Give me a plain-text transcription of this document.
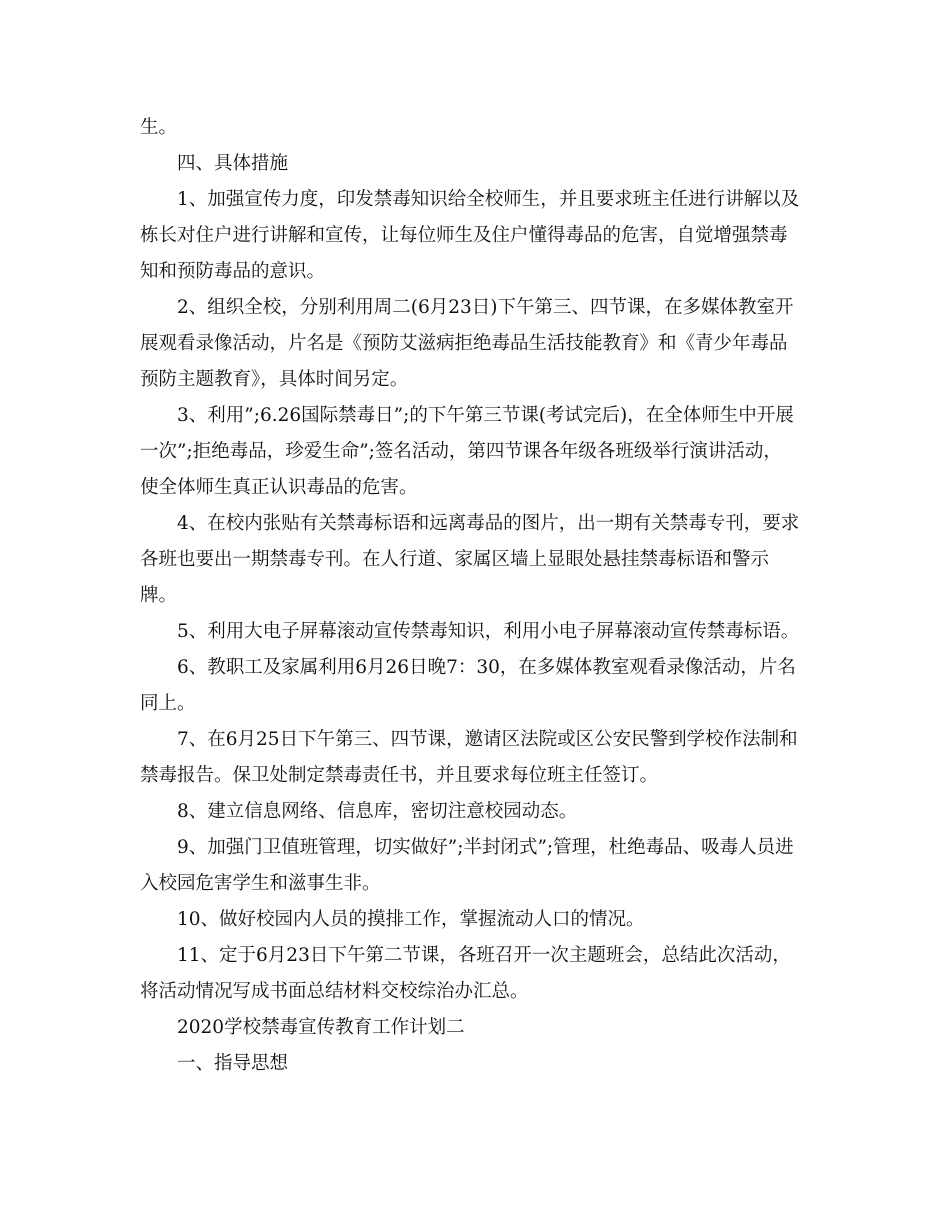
生。
四、具体措施
1、加强宣传力度，印发禁毒知识给全校师生，并且要求班主任进行讲解以及
栋长对住户进行讲解和宣传，让每位师生及住户懂得毒品的危害，自觉增强禁毒
知和预防毒品的意识。
2、组织全校，分别利用周二(6月23日)下午第三、四节课，在多媒体教室开
展观看录像活动，片名是《预防艾滋病拒绝毒品生活技能教育》和《青少年毒品
预防主题教育》，具体时间另定。
3、利用”;6.26国际禁毒日”;的下午第三节课(考试完后)，在全体师生中开展
一次”;拒绝毒品，珍爱生命”;签名活动，第四节课各年级各班级举行演讲活动，
使全体师生真正认识毒品的危害。
4、在校内张贴有关禁毒标语和远离毒品的图片，出一期有关禁毒专刊，要求
各班也要出一期禁毒专刊。在人行道、家属区墙上显眼处悬挂禁毒标语和警示
牌。
5、利用大电子屏幕滚动宣传禁毒知识，利用小电子屏幕滚动宣传禁毒标语。
6、教职工及家属利用6月26日晚7：30，在多媒体教室观看录像活动，片名
同上。
7、在6月25日下午第三、四节课，邀请区法院或区公安民警到学校作法制和
禁毒报告。保卫处制定禁毒责任书，并且要求每位班主任签订。
8、建立信息网络、信息库，密切注意校园动态。
9、加强门卫值班管理，切实做好”;半封闭式”;管理，杜绝毒品、吸毒人员进
入校园危害学生和滋事生非。
10、做好校园内人员的摸排工作，掌握流动人口的情况。
11、定于6月23日下午第二节课，各班召开一次主题班会，总结此次活动，
将活动情况写成书面总结材料交校综治办汇总。
2020学校禁毒宣传教育工作计划二
一、指导思想
